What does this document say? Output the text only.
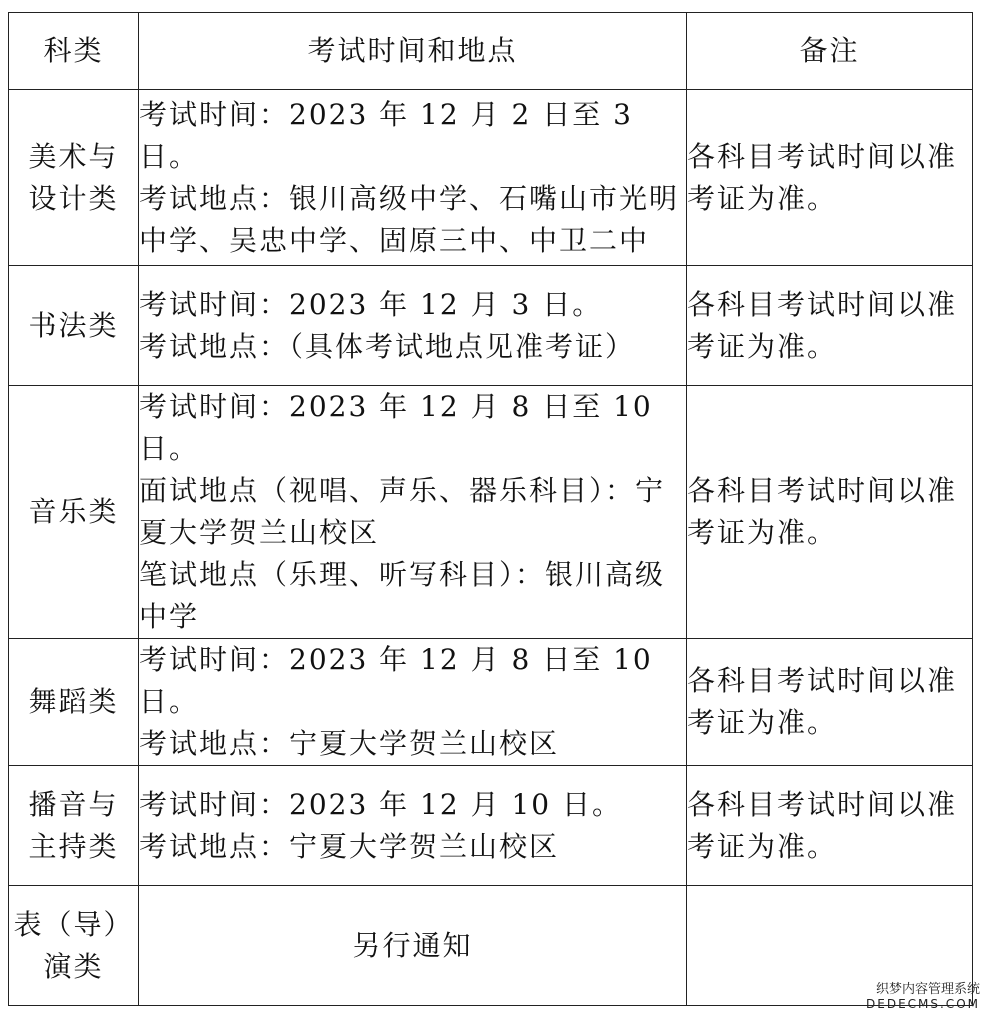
科类	考试时间和地点	备注

美术与
设计类	考试时间：2023 年 12 月 2 日至 3 日。
考试地点：银川高级中学、石嘴山市光明中学、吴忠中学、固原三中、中卫二中	各科目考试时间以准考证为准。

书法类	考试时间：2023 年 12 月 3 日。
考试地点：（具体考试地点见准考证）	各科目考试时间以准考证为准。

音乐类	考试时间：2023 年 12 月 8 日至 10 日。
面试地点（视唱、声乐、器乐科目）：宁夏大学贺兰山校区
笔试地点（乐理、听写科目）：银川高级中学	各科目考试时间以准考证为准。

舞蹈类	考试时间：2023 年 12 月 8 日至 10 日。
考试地点：宁夏大学贺兰山校区	各科目考试时间以准考证为准。

播音与
主持类	考试时间：2023 年 12 月 10 日。
考试地点：宁夏大学贺兰山校区	各科目考试时间以准考证为准。

表（导）
演类	另行通知	

织梦内容管理系统
DEDECMS.COM
